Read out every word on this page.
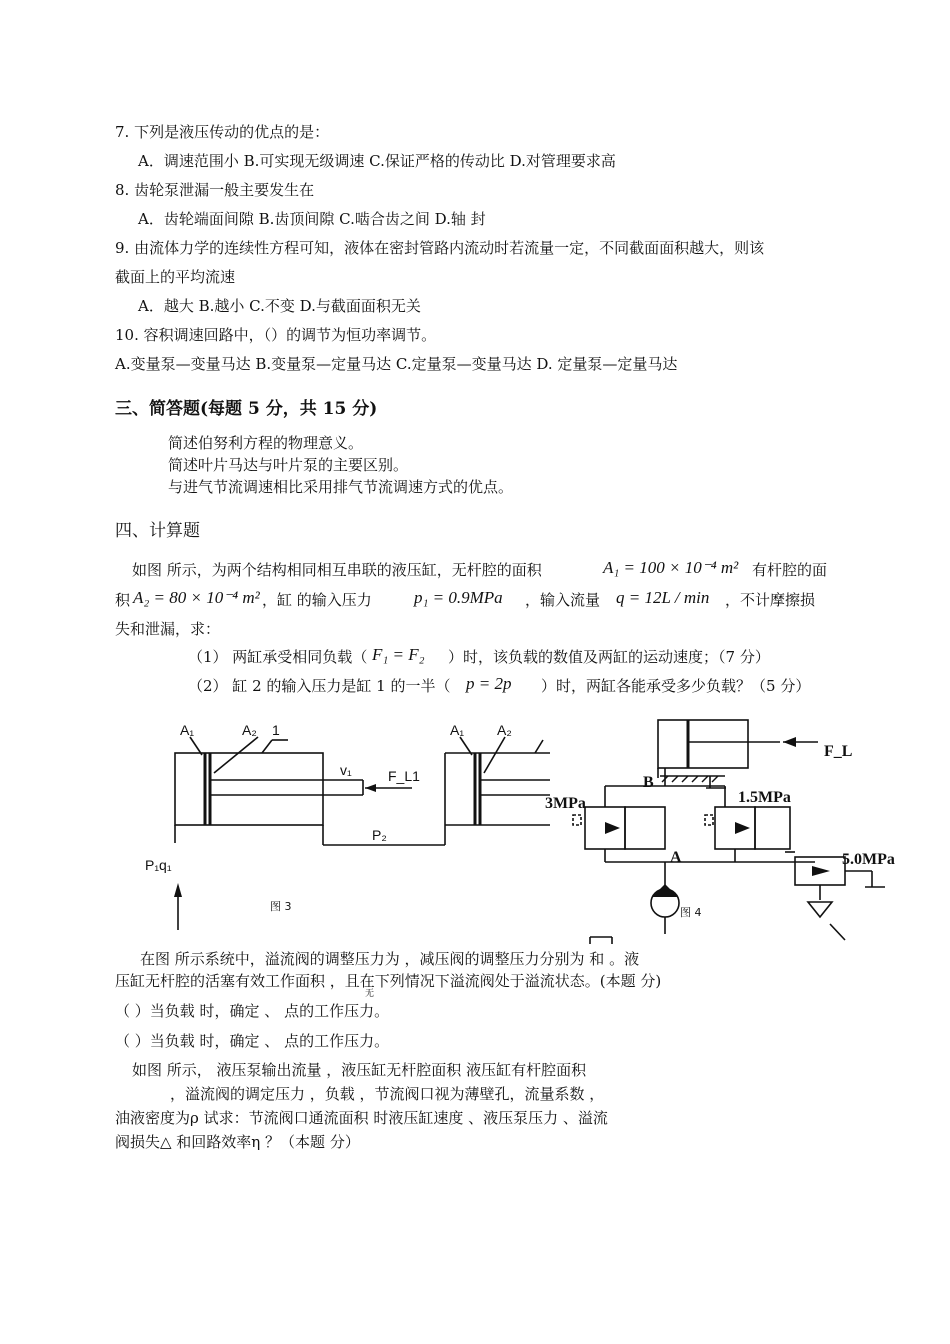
7. 下列是液压传动的优点的是：
A．调速范围小 B.可实现无级调速 C.保证严格的传动比 D.对管理要求高
8. 齿轮泵泄漏一般主要发生在
A．齿轮端面间隙 B.齿顶间隙 C.啮合齿之间 D.轴 封
9. 由流体力学的连续性方程可知，液体在密封管路内流动时若流量一定，不同截面面积越大，则该
截面上的平均流速
A．越大 B.越小 C.不变 D.与截面面积无关
10. 容积调速回路中，（）的调节为恒功率调节。
A.变量泵—变量马达 B.变量泵—定量马达 C.定量泵—变量马达 D. 定量泵—定量马达
三、简答题(每题 5 分，共 15 分)
简述伯努利方程的物理意义。
简述叶片马达与叶片泵的主要区别。
与进气节流调速相比采用排气节流调速方式的优点。
四、计算题
如图 所示，为两个结构相同相互串联的液压缸，无杆腔的面积	A₁ = 100 × 10⁻⁴ m² 有杆腔的面
积 A₂ = 80 × 10⁻⁴ m² ，缸 的输入压力 p₁ = 0.9MPa ，输入流量 q = 12L / min ，不计摩擦损
失和泄漏，求：
（1） 两缸承受相同负载（ F₁ = F₂ ）时，该负载的数值及两缸的运动速度；（7 分）
（2） 缸 2 的输入压力是缸 1 的一半（ p = 2p ）时，两缸各能承受多少负载？（5 分）
A₁	A₂ 1
v₁	F_L1
P₂
P₁q₁
A₁ A₂
图 3
F_L
B
A
3MPa	1.5MPa
5.0MPa
图 4
在图 所示系统中，溢流阀的调整压力为 ，减压阀的调整压力分别为 和 。液
压缸无杆腔的活塞有效工作面积 ，且在下列情况下溢流阀处于溢流状态。(本题 分)
无
（ ）当负载 时，确定 、 点的工作压力。
（ ）当负载 时，确定 、 点的工作压力。
如图 所示， 液压泵输出流量 ，液压缸无杆腔面积 液压缸有杆腔面积
，溢流阀的调定压力 ，负载 ，节流阀口视为薄壁孔，流量系数 ，
油液密度为ρ 试求：节流阀口通流面积 时液压缸速度 、液压泵压力 、溢流
阀损失△ 和回路效率η ？（本题 分）
